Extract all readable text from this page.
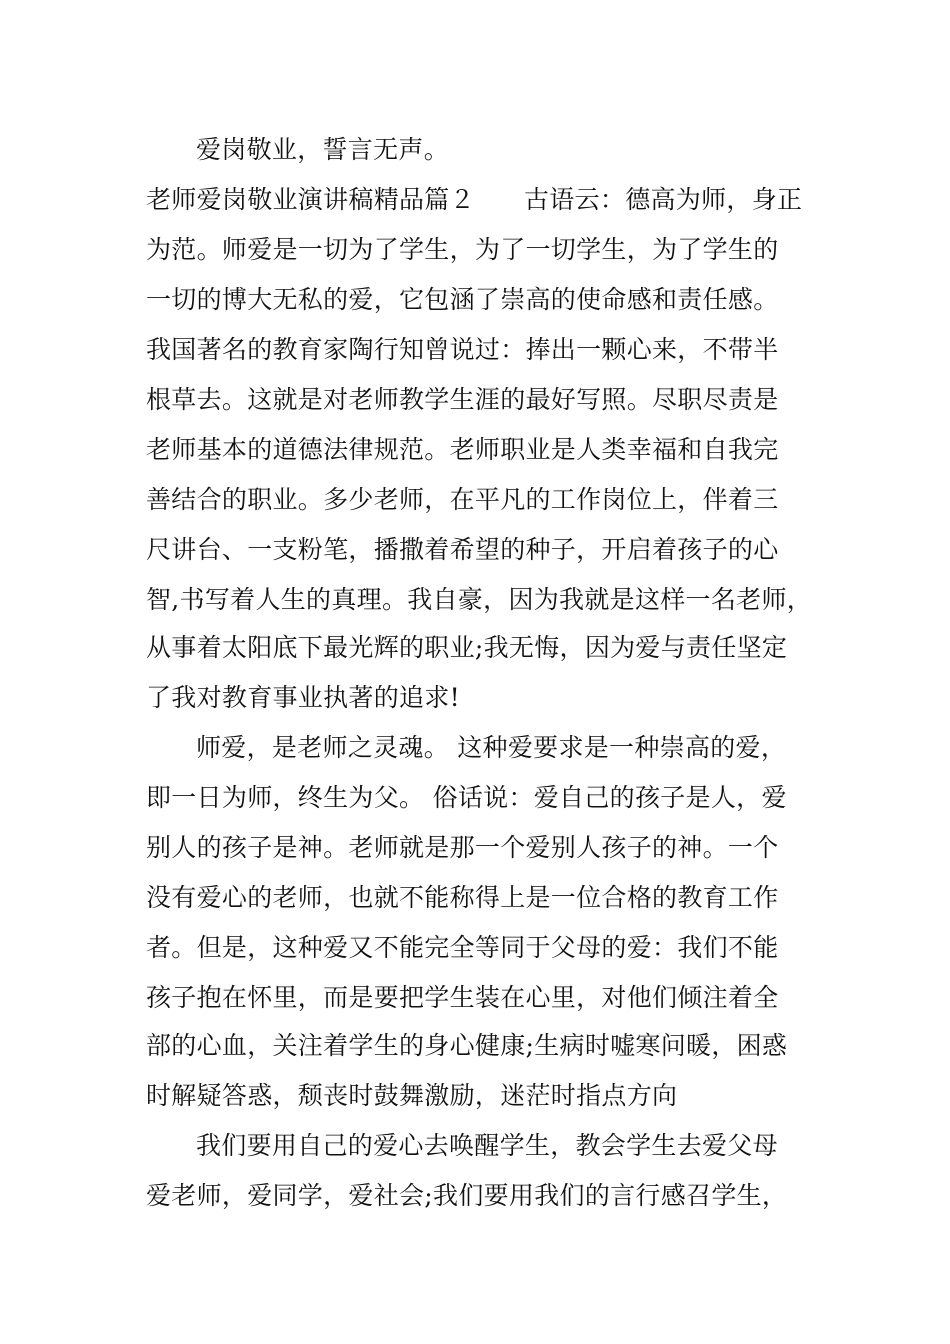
爱岗敬业，誓言无声。
老师爱岗敬业演讲稿精品篇２ 古语云：德高为师，身正
为范。师爱是一切为了学生，为了一切学生，为了学生的
一切的博大无私的爱，它包涵了崇高的使命感和责任感。
我国著名的教育家陶行知曾说过：捧出一颗心来，不带半
根草去。这就是对老师教学生涯的最好写照。尽职尽责是
老师基本的道德法律规范。老师职业是人类幸福和自我完
善结合的职业。多少老师，在平凡的工作岗位上，伴着三
尺讲台、一支粉笔，播撒着希望的种子，开启着孩子的心
智,书写着人生的真理。我自豪，因为我就是这样一名老师，
从事着太阳底下最光辉的职业;我无悔，因为爱与责任坚定
了我对教育事业执著的追求!
师爱，是老师之灵魂。 这种爱要求是一种崇高的爱，
即一日为师，终生为父。 俗话说：爱自己的孩子是人，爱
别人的孩子是神。老师就是那一个爱别人孩子的神。一个
没有爱心的老师，也就不能称得上是一位合格的教育工作
者。但是，这种爱又不能完全等同于父母的爱：我们不能
孩子抱在怀里，而是要把学生装在心里，对他们倾注着全
部的心血，关注着学生的身心健康;生病时嘘寒问暖，困惑
时解疑答惑，颓丧时鼓舞激励，迷茫时指点方向
我们要用自己的爱心去唤醒学生，教会学生去爱父母
爱老师，爱同学，爱社会;我们要用我们的言行感召学生，
